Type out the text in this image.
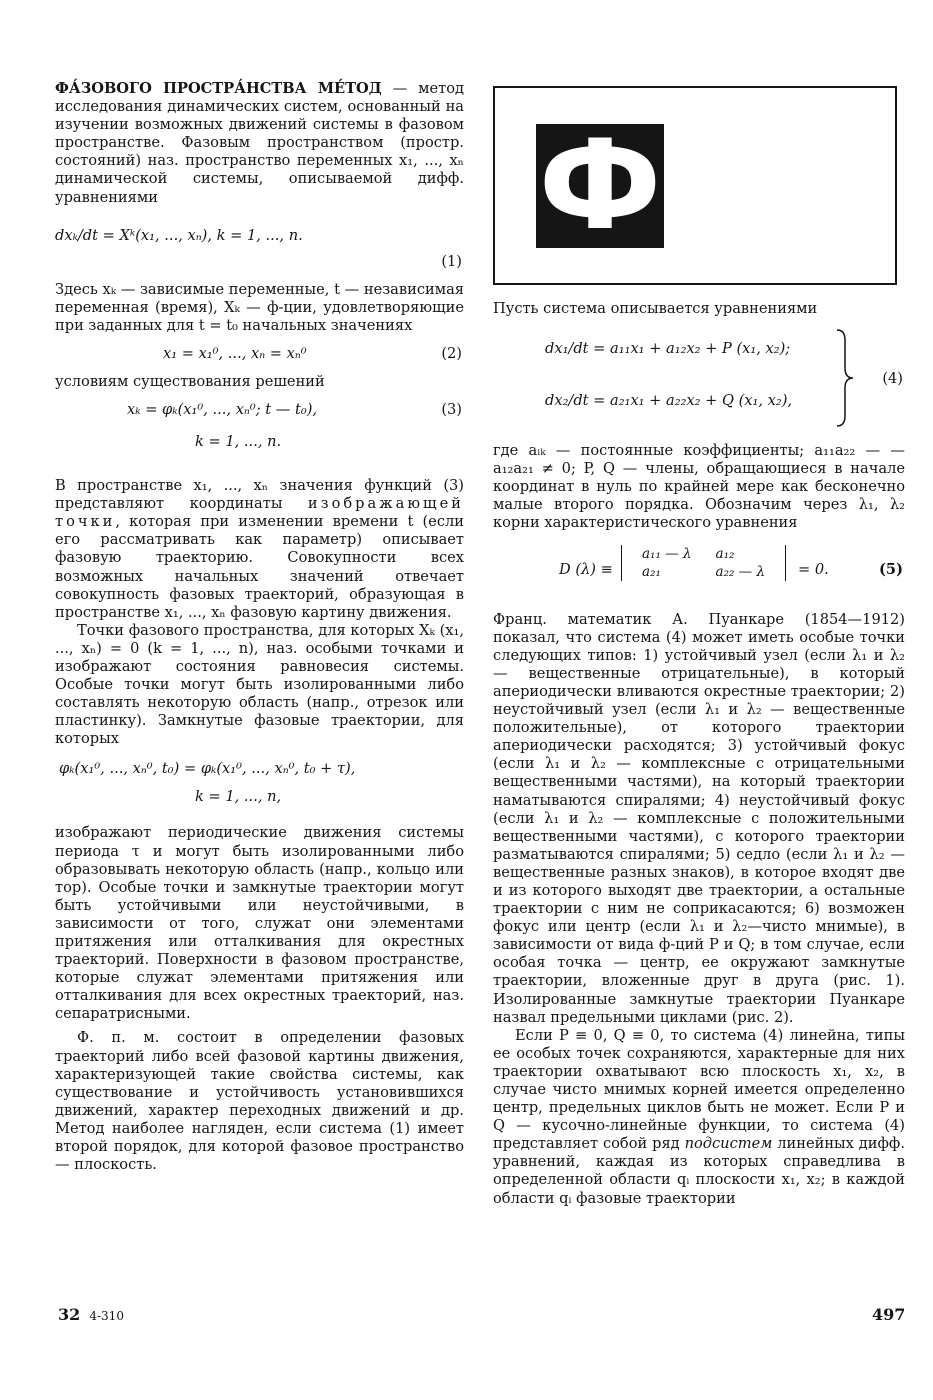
ФА́ЗОВОГО ПРОСТРА́НСТВА МЕ́ТОД — метод исследования динамических систем, основанный на изучении возможных движений системы в фазовом пространстве. Фазовым пространством (простр. состояний) наз. пространство переменных x₁, ..., xₙ динамической системы, описываемой дифф. уравнениями

dxₖ/dt = Xᵏ(x₁, ..., xₙ), k = 1, ..., n.
(1)

Здесь xₖ — зависимые переменные, t — независимая переменная (время), Xₖ — ф-ции, удовлетворяющие при заданных для t = t₀ начальных значениях

x₁ = x₁⁰, ..., xₙ = xₙ⁰	(2)

условиям существования решений

xₖ = φₖ(x₁⁰, ..., xₙ⁰; t — t₀),	(3)
k = 1, ..., n.

В пространстве x₁, ..., xₙ значения функций (3) представляют координаты изображающей точки, которая при изменении времени t (если его рассматривать как параметр) описывает фазовую траекторию. Совокупности всех возможных начальных значений отвечает совокупность фазовых траекторий, образующая в пространстве x₁, ..., xₙ фазовую картину движения.

Точки фазового пространства, для которых Xₖ (x₁, ..., xₙ) = 0 (k = 1, ..., n), наз. особыми точками и изображают состояния равновесия системы. Особые точки могут быть изолированными либо составлять некоторую область (напр., отрезок или пластинку). Замкнутые фазовые траектории, для которых

φₖ(x₁⁰, ..., xₙ⁰, t₀) = φₖ(x₁⁰, ..., xₙ⁰, t₀ + τ),
k = 1, ..., n,

изображают периодические движения системы периода τ и могут быть изолированными либо образовывать некоторую область (напр., кольцо или тор). Особые точки и замкнутые траектории могут быть устойчивыми или неустойчивыми, в зависимости от того, служат они элементами притяжения или отталкивания для окрестных траекторий. Поверхности в фазовом пространстве, которые служат элементами притяжения или отталкивания для всех окрестных траекторий, наз. сепаратрисными.

Ф. п. м. состоит в определении фазовых траекторий либо всей фазовой картины движения, характеризующей такие свойства системы, как существование и устойчивость установившихся движений, характер переходных движений и др. Метод наиболее нагляден, если система (1) имеет второй порядок, для которой фазовое пространство — плоскость.

Ф

Пусть система описывается уравнениями

dx₁/dt = a₁₁x₁ + a₁₂x₂ + P (x₁, x₂);
dx₂/dt = a₂₁x₁ + a₂₂x₂ + Q (x₁, x₂),
(4)

где aᵢₖ — постоянные коэффициенты; a₁₁a₂₂ — — a₁₂a₂₁ ≠ 0; P, Q — члены, обращающиеся в начале координат в нуль по крайней мере как бесконечно малые второго порядка. Обозначим через λ₁, λ₂ корни характеристического уравнения

D (λ) ≡
a₁₁ — λ	a₁₂
a₂₁	a₂₂ — λ = 0.	(5)

Франц. математик А. Пуанкаре (1854—1912) показал, что система (4) может иметь особые точки следующих типов: 1) устойчивый узел (если λ₁ и λ₂ — вещественные отрицательные), в который апериодически вливаются окрестные траектории; 2) неустойчивый узел (если λ₁ и λ₂ — вещественные положительные), от которого траектории апериодически расходятся; 3) устойчивый фокус (если λ₁ и λ₂ — комплексные с отрицательными вещественными частями), на который траектории наматываются спиралями; 4) неустойчивый фокус (если λ₁ и λ₂ — комплексные с положительными вещественными частями), с которого траектории разматываются спиралями; 5) седло (если λ₁ и λ₂ — вещественные разных знаков), в которое входят две и из которого выходят две траектории, а остальные траектории с ним не соприкасаются; 6) возможен фокус или центр (если λ₁ и λ₂—чисто мнимые), в зависимости от вида ф-ций P и Q; в том случае, если особая точка — центр, ее окружают замкнутые траектории, вложенные друг в друга (рис. 1). Изолированные замкнутые траектории Пуанкаре назвал предельными циклами (рис. 2).

Если P ≡ 0, Q ≡ 0, то система (4) линейна, типы ее особых точек сохраняются, характерные для них траектории охватывают всю плоскость x₁, x₂, в случае чисто мнимых корней имеется определенно центр, предельных циклов быть не может. Если P и Q — кусочно-линейные функции, то система (4) представляет собой ряд подсистем линейных дифф. уравнений, каждая из которых справедлива в определенной области qᵢ плоскости x₁, x₂; в каждой области qᵢ фазовые траектории

32 4-310	497
